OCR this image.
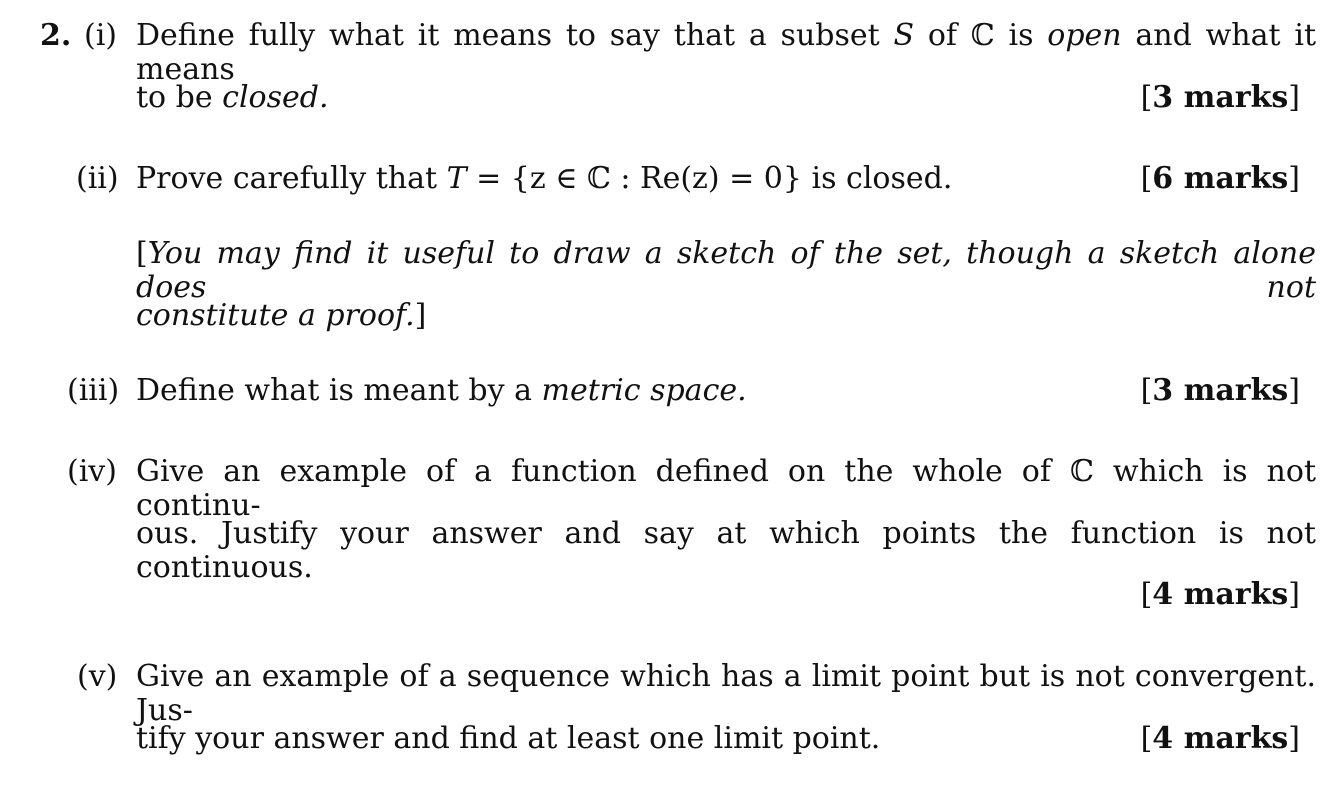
2. (i) Define fully what it means to say that a subset S of ℂ is open and what it means
to be closed.	[3 marks]
(ii) Prove carefully that T = {z ∈ ℂ : Re(z) = 0} is closed.	[6 marks]
[You may find it useful to draw a sketch of the set, though a sketch alone does not
constitute a proof.]
(iii) Define what is meant by a metric space.	[3 marks]
(iv) Give an example of a function defined on the whole of ℂ which is not continu-
ous. Justify your answer and say at which points the function is not continuous.
[4 marks]
(v) Give an example of a sequence which has a limit point but is not convergent. Jus-
tify your answer and find at least one limit point.	[4 marks]
